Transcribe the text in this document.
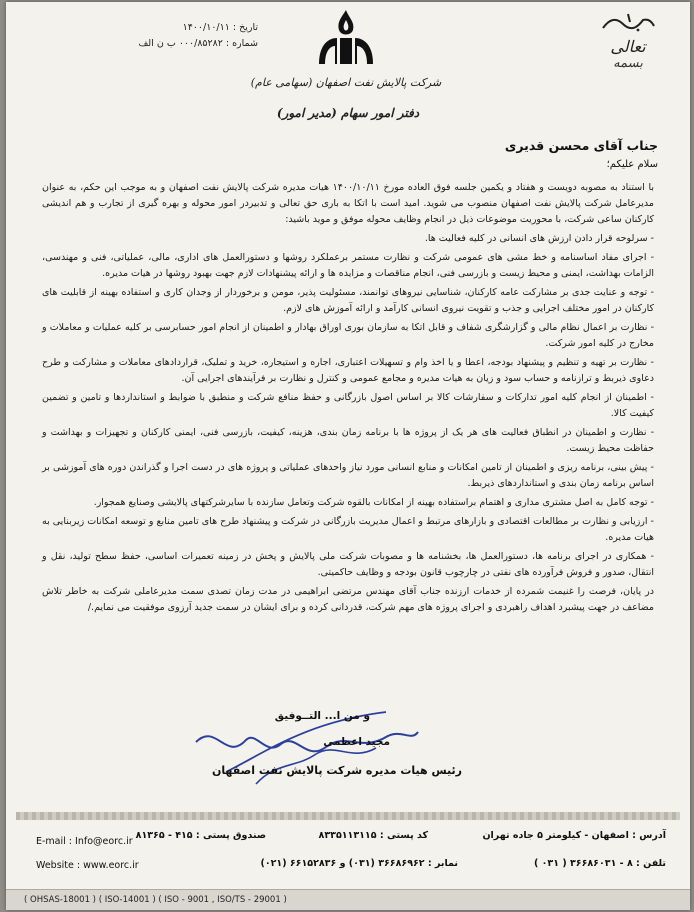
تعالی
بسمه
شرکت پالایش نفت اصفهان (سهامی عام)
تاریخ : ۱۴۰۰/۱۰/۱۱
شماره : ۰۰۰/۸۵۲۸۲ ب ن الف
دفتر امور سهام (مدیر امور)
جناب آقای محسن قدیری
سلام علیکم؛

با استناد به مصوبه دویست و هفتاد و یکمین جلسه فوق العاده مورخ ۱۴۰۰/۱۰/۱۱ هیات مدیره شرکت پالایش نفت اصفهان و به موجب این حکم، به عنوان مدیرعامل شرکت پالایش نفت اصفهان منصوب می شوید. امید است با اتکا به باری حق تعالی و تدبیردر امور محوله و بهره گیری از تجارب و هم اندیشی کارکنان ساعی شرکت، با محوریت موضوعات ذیل در انجام وظایف محوله موفق و موید باشید:

- سرلوحه قرار دادن ارزش های انسانی در کلیه فعالیت ها.
- اجرای مفاد اساسنامه و خط مشی های عمومی شرکت و نظارت مستمر برعملکرد روشها و دستورالعمل های اداری، مالی، عملیاتی، فنی و مهندسی، الزامات بهداشت، ایمنی و محیط زیست و بازرسی فنی، انجام مناقصات و مزایده ها و ارائه پیشنهادات لازم جهت بهبود روشها در هیات مدیره.
- توجه و عنایت جدی بر مشارکت عامه کارکنان، شناسایی نیروهای توانمند، مسئولیت پذیر، مومن و برخوردار از وجدان کاری و استفاده بهینه از قابلیت های کارکنان در امور مختلف اجرایی و جذب و تقویت نیروی انسانی کارآمد و ارائه آموزش های لازم.
- نظارت بر اعمال نظام مالی و گزارشگری شفاف و قابل اتکا به سازمان بوری اوراق بهادار و اطمینان از انجام امور حسابرسی بر کلیه عملیات و معاملات و مخارج در کلیه امور شرکت.
- نظارت بر تهیه و تنظیم و پیشنهاد بودجه، اعطا و یا اخذ وام و تسهیلات اعتباری، اجاره و استیجاره، خرید و تملیک، قراردادهای معاملات و مشارکت و طرح دعاوی ذیربط و ترازنامه و حساب سود و زیان به هیات مدیره و مجامع عمومی و کنترل و نظارت بر فرآیندهای اجرایی آن.
- اطمینان از انجام کلیه امور تدارکات و سفارشات کالا بر اساس اصول بازرگانی و حفظ منافع شرکت و منطبق با ضوابط و استانداردها و تامین و تضمین کیفیت کالا.
- نظارت و اطمینان در انطباق فعالیت های هر یک از پروژه ها با برنامه زمان بندی، هزینه، کیفیت، بازرسی فنی، ایمنی کارکنان و تجهیزات و بهداشت و حفاظت محیط زیست.
- پیش بینی، برنامه ریزی و اطمینان از تامین امکانات و منابع انسانی مورد نیاز واحدهای عملیاتی و پروژه های در دست اجرا و گذراندن دوره های آموزشی بر اساس برنامه زمان بندی و استانداردهای ذیربط.
- توجه کامل به اصل مشتری مداری و اهتمام براستفاده بهینه از امکانات بالقوه شرکت وتعامل سازنده با سایرشرکتهای پالایشی وصنایع همجوار.
- ارزیابی و نظارت بر مطالعات اقتصادی و بازارهای مرتبط و اعمال مدیریت بازرگانی در شرکت و پیشنهاد طرح های تامین منابع و توسعه امکانات زیربنایی به هیات مدیره.
- همکاری در اجرای برنامه ها، دستورالعمل ها، بخشنامه ها و مصوبات شرکت ملی پالایش و پخش در زمینه تعمیرات اساسی، حفظ سطح تولید، نقل و انتقال، صدور و فروش فرآورده های نفتی در چارچوب قانون بودجه و وظایف حاکمیتی.

در پایان، فرصت را غنیمت شمرده از خدمات ارزنده جناب آقای مهندس مرتضی ابراهیمی در مدت زمان تصدی سمت مدیرعاملی شرکت به خاطر تلاش مضاعف در جهت پیشبرد اهداف راهبردی و اجرای پروژه های مهم شرکت، قدردانی کرده و برای ایشان در سمت جدید آرزوی موفقیت می نمایم./

و من ا... التــوفیق
مجید اعظمی
رئیس هیات مدیره شرکت پالایش نفت اصفهان
E-mail : Info@eorc.ir
Website : www.eorc.ir
آدرس : اصفهان - کیلومتر ۵ جاده تهران
کد پستی : ۸۳۳۵۱۱۳۱۱۵
صندوق پستی : ۴۱۵ - ۸۱۳۶۵
تلفن : ۸ - ۳۶۶۸۶۰۳۱ ( ۰۳۱ )
نمابر : ۳۶۶۸۶۹۶۲ (۰۳۱) و ۶۶۱۵۲۸۳۶ (۰۲۱)
( OHSAS-18001 ) ( ISO-14001 ) ( ISO - 9001 , ISO/TS - 29001 )
